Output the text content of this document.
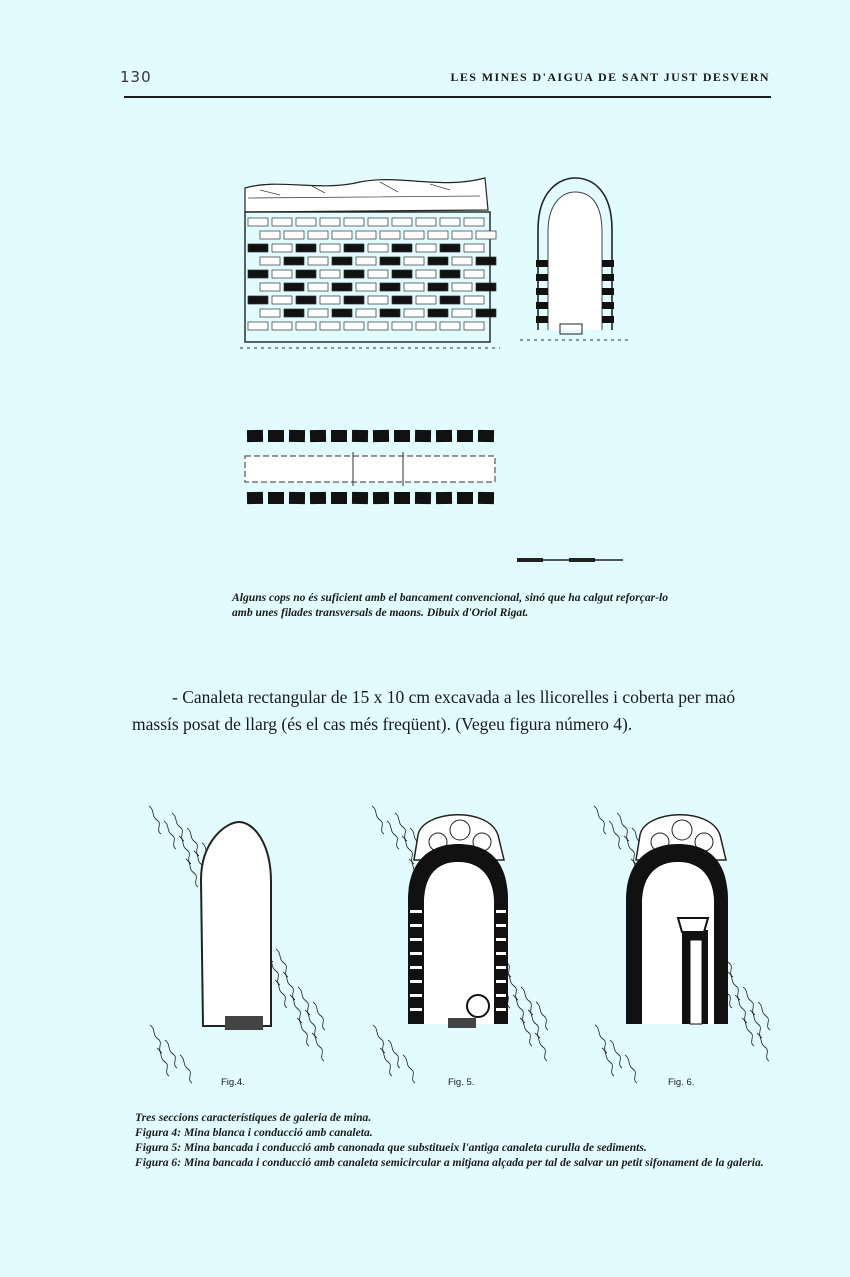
130	LES MINES D'AIGUA DE SANT JUST DESVERN
Alguns cops no és suficient amb el bancament convencional, sinó que ha calgut reforçar-lo amb unes filades transversals de maons. Dibuix d'Oriol Rigat.
- Canaleta rectangular de 15 x 10 cm excavada a les llicorelles i coberta per maó massís posat de llarg (és el cas més freqüent). (Vegeu figura número 4).
Fig.4.	Fig. 5.	Fig. 6.
Tres seccions característiques de galeria de mina.
Figura 4: Mina blanca i conducció amb canaleta.
Figura 5: Mina bancada i conducció amb canonada que substitueix l'antiga canaleta curulla de sediments.
Figura 6: Mina bancada i conducció amb canaleta semicircular a mitjana alçada per tal de salvar un petit sifonament de la galeria.
